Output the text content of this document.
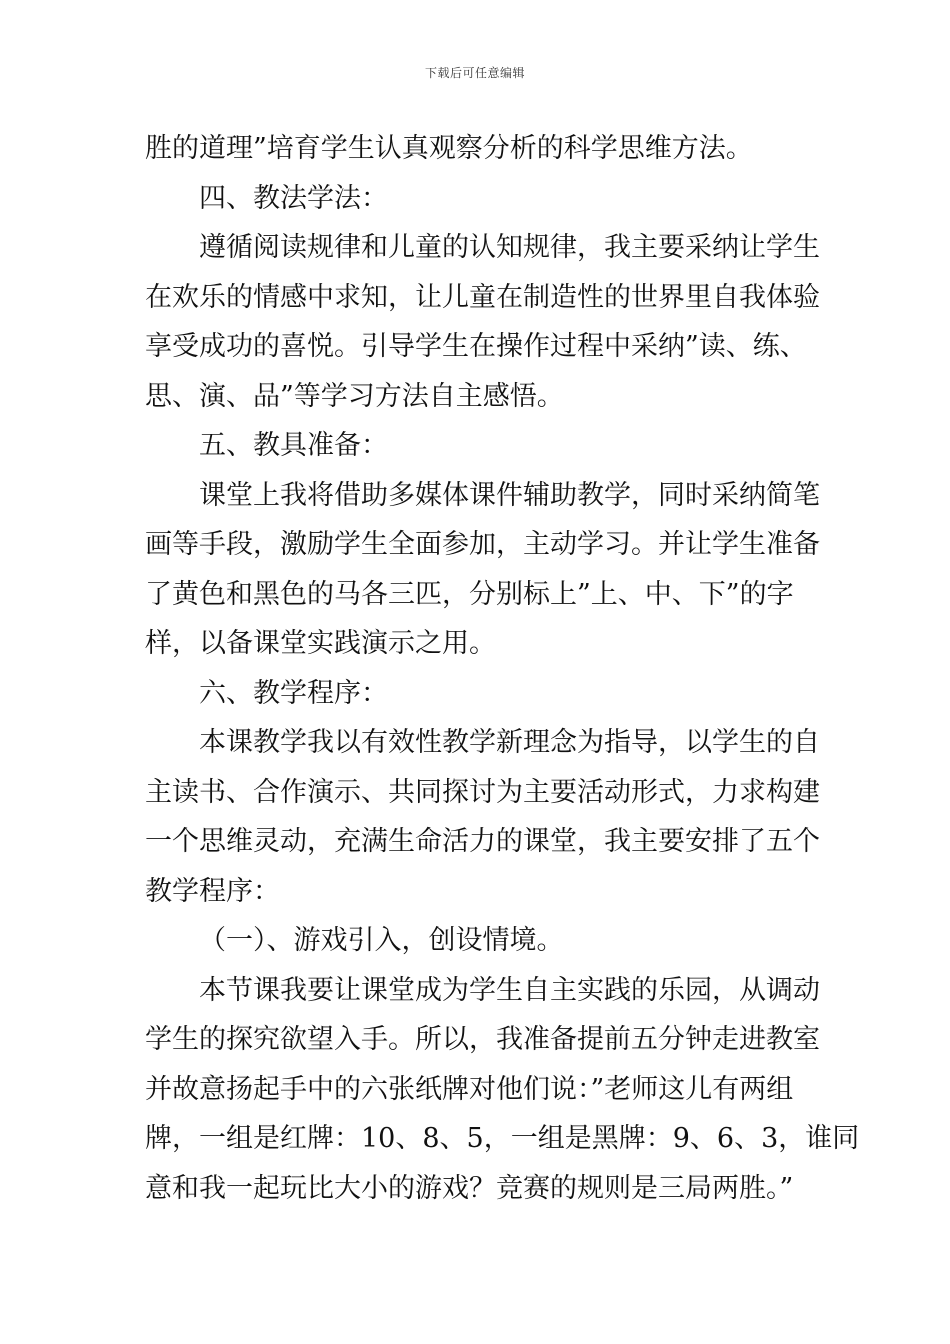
下载后可任意编辑
胜的道理”培育学生认真观察分析的科学思维方法。
四、教法学法：
遵循阅读规律和儿童的认知规律，我主要采纳让学生
在欢乐的情感中求知，让儿童在制造性的世界里自我体验
享受成功的喜悦。引导学生在操作过程中采纳”读、练、
思、演、品”等学习方法自主感悟。
五、教具准备：
课堂上我将借助多媒体课件辅助教学，同时采纳简笔
画等手段，激励学生全面参加，主动学习。并让学生准备
了黄色和黑色的马各三匹，分别标上”上、中、下”的字
样，以备课堂实践演示之用。
六、教学程序：
本课教学我以有效性教学新理念为指导，以学生的自
主读书、合作演示、共同探讨为主要活动形式，力求构建
一个思维灵动，充满生命活力的课堂，我主要安排了五个
教学程序：
（一）、游戏引入，创设情境。
本节课我要让课堂成为学生自主实践的乐园，从调动
学生的探究欲望入手。所以，我准备提前五分钟走进教室
并故意扬起手中的六张纸牌对他们说：”老师这儿有两组
牌，一组是红牌：10、8、5，一组是黑牌：9、6、3，谁同
意和我一起玩比大小的游戏？竞赛的规则是三局两胜。”
